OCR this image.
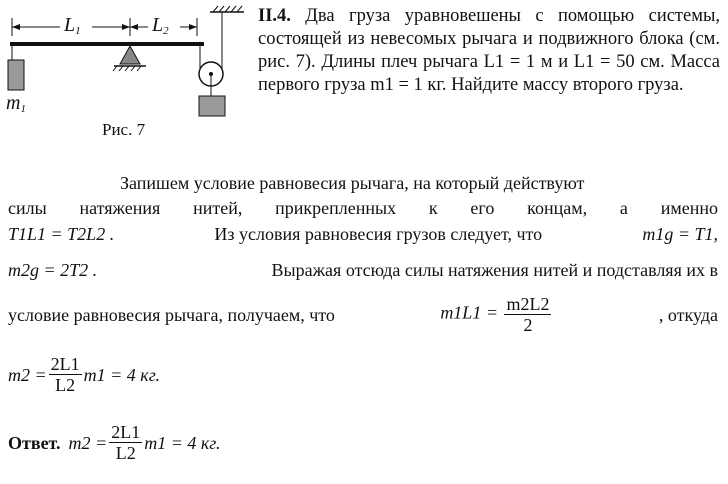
$L_1$	$L_2$
$m_1$
Рис. 7
II.4. Два груза уравновешены с помощью системы, состоящей из невесомых рычага и подвижного блока (см. рис. 7). Длины плеч рычага L1 = 1 м и L1 = 50 см. Масса первого груза m1 = 1 кг. Найдите массу второго груза.
Запишем условие равновесия рычага, на который действуют
силы натяжения нитей, прикрепленных к его концам, а именно
T1L1 = T2L2 .	Из условия равновесия грузов следует, что	m1g = T1,
m2g = 2T2 .	Выражая отсюда силы натяжения нитей и подставляя их в
условие равновесия рычага, получаем, что	$m1L1 = \frac{m2L2}{2}$	, откуда
$m2 = \frac{2L1}{L2} m1 = 4$ кг.
Ответ. $m2 = \frac{2L1}{L2} m1 = 4$ кг.
